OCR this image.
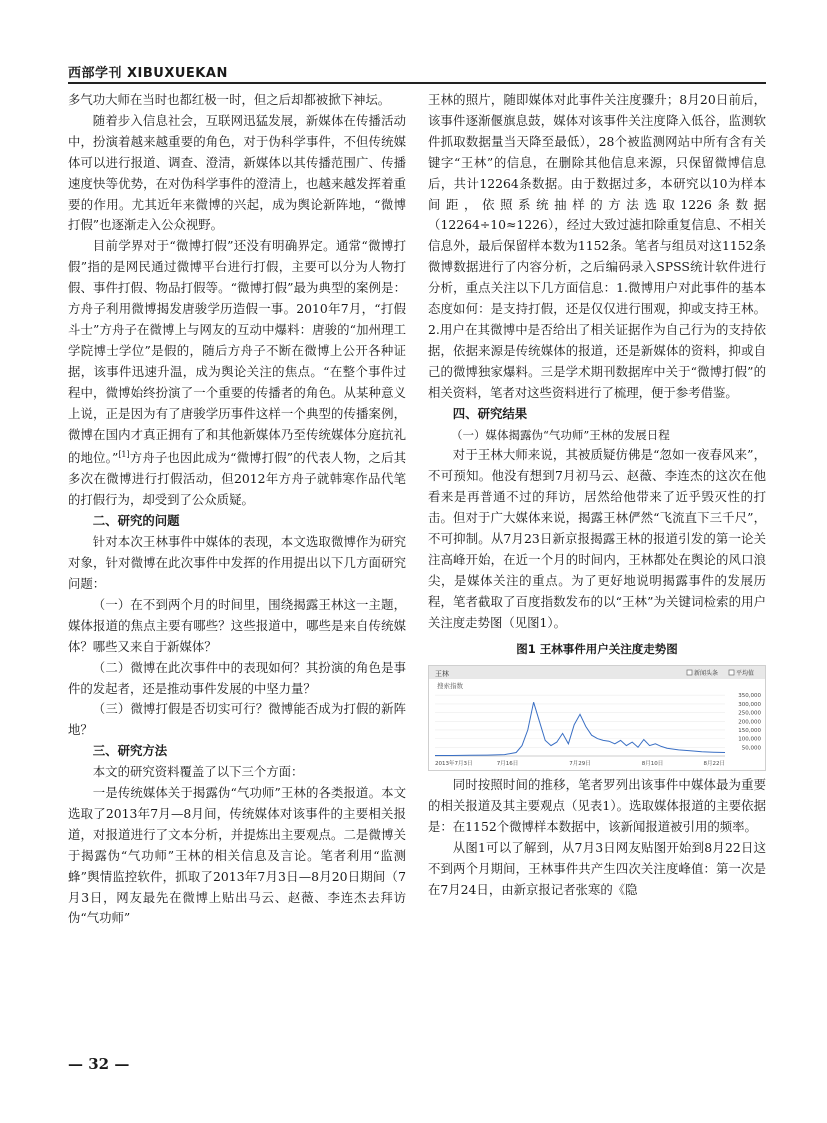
西部学刊 XIBUXUEKAN

多气功大师在当时也都红极一时，但之后却都被掀下神坛。

随着步入信息社会，互联网迅猛发展，新媒体在传播活动中，扮演着越来越重要的角色，对于伪科学事件，不但传统媒体可以进行报道、调查、澄清，新媒体以其传播范围广、传播速度快等优势，在对伪科学事件的澄清上，也越来越发挥着重要的作用。尤其近年来微博的兴起，成为舆论新阵地，“微博打假”也逐渐走入公众视野。

目前学界对于“微博打假”还没有明确界定。通常“微博打假”指的是网民通过微博平台进行打假，主要可以分为人物打假、事件打假、物品打假等。“微博打假”最为典型的案例是：方舟子利用微博揭发唐骏学历造假一事。2010年7月，“打假斗士”方舟子在微博上与网友的互动中爆料：唐骏的“加州理工学院博士学位”是假的，随后方舟子不断在微博上公开各种证据，该事件迅速升温，成为舆论关注的焦点。“在整个事件过程中，微博始终扮演了一个重要的传播者的角色。从某种意义上说，正是因为有了唐骏学历事件这样一个典型的传播案例，微博在国内才真正拥有了和其他新媒体乃至传统媒体分庭抗礼的地位。”[1]方舟子也因此成为“微博打假”的代表人物，之后其多次在微博进行打假活动，但2012年方舟子就韩寒作品代笔的打假行为，却受到了公众质疑。

二、研究的问题

针对本次王林事件中媒体的表现，本文选取微博作为研究对象，针对微博在此次事件中发挥的作用提出以下几方面研究问题：

（一）在不到两个月的时间里，围绕揭露王林这一主题，媒体报道的焦点主要有哪些？这些报道中，哪些是来自传统媒体？哪些又来自于新媒体？

（二）微博在此次事件中的表现如何？其扮演的角色是事件的发起者，还是推动事件发展的中坚力量？

（三）微博打假是否切实可行？微博能否成为打假的新阵地？

三、研究方法

本文的研究资料覆盖了以下三个方面：

一是传统媒体关于揭露伪“气功师”王林的各类报道。本文选取了2013年7月—8月间，传统媒体对该事件的主要相关报道，对报道进行了文本分析，并提炼出主要观点。二是微博关于揭露伪“气功师”王林的相关信息及言论。笔者利用“监测蜂”舆情监控软件，抓取了2013年7月3日—8月20日期间（7月3日，网友最先在微博上贴出马云、赵薇、李连杰去拜访伪“气功师”

王林的照片，随即媒体对此事件关注度骤升；8月20日前后，该事件逐渐偃旗息鼓，媒体对该事件关注度降入低谷，监测软件抓取数据量当天降至最低），28个被监测网站中所有含有关键字“王林”的信息，在删除其他信息来源，只保留微博信息后，共计12264条数据。由于数据过多，本研究以10为样本间距，依照系统抽样的方法选取1226条数据（12264÷10≈1226），经过大致过滤扣除重复信息、不相关信息外，最后保留样本数为1152条。笔者与组员对这1152条微博数据进行了内容分析，之后编码录入SPSS统计软件进行分析，重点关注以下几方面信息：1.微博用户对此事件的基本态度如何：是支持打假，还是仅仅进行围观，抑或支持王林。2.用户在其微博中是否给出了相关证据作为自己行为的支持依据，依据来源是传统媒体的报道，还是新媒体的资料，抑或自己的微博独家爆料。三是学术期刊数据库中关于“微博打假”的相关资料，笔者对这些资料进行了梳理，便于参考借鉴。

四、研究结果
（一）媒体揭露伪“气功师”王林的发展日程

对于王林大师来说，其被质疑仿佛是“忽如一夜春风来”，不可预知。他没有想到7月初马云、赵薇、李连杰的这次在他看来是再普通不过的拜访，居然给他带来了近乎毁灭性的打击。但对于广大媒体来说，揭露王林俨然“飞流直下三千尺”，不可抑制。从7月23日新京报揭露王林的报道引发的第一论关注高峰开始，在近一个月的时间内，王林都处在舆论的风口浪尖，是媒体关注的重点。为了更好地说明揭露事件的发展历程，笔者截取了百度指数发布的以“王林”为关键词检索的用户关注度走势图（见图1）。

图1 王林事件用户关注度走势图
王林
搜索指数
新闻头条	平均值
350,000
300,000
250,000
200,000
150,000
100,000
50,000
2013年7月3日	7月16日	7月29日	8月10日	8月22日

同时按照时间的推移，笔者罗列出该事件中媒体最为重要的相关报道及其主要观点（见表1）。选取媒体报道的主要依据是：在1152个微博样本数据中，该新闻报道被引用的频率。

从图1可以了解到，从7月3日网友贴图开始到8月22日这不到两个月期间，王林事件共产生四次关注度峰值：第一次是在7月24日，由新京报记者张寒的《隐

— 32 —
